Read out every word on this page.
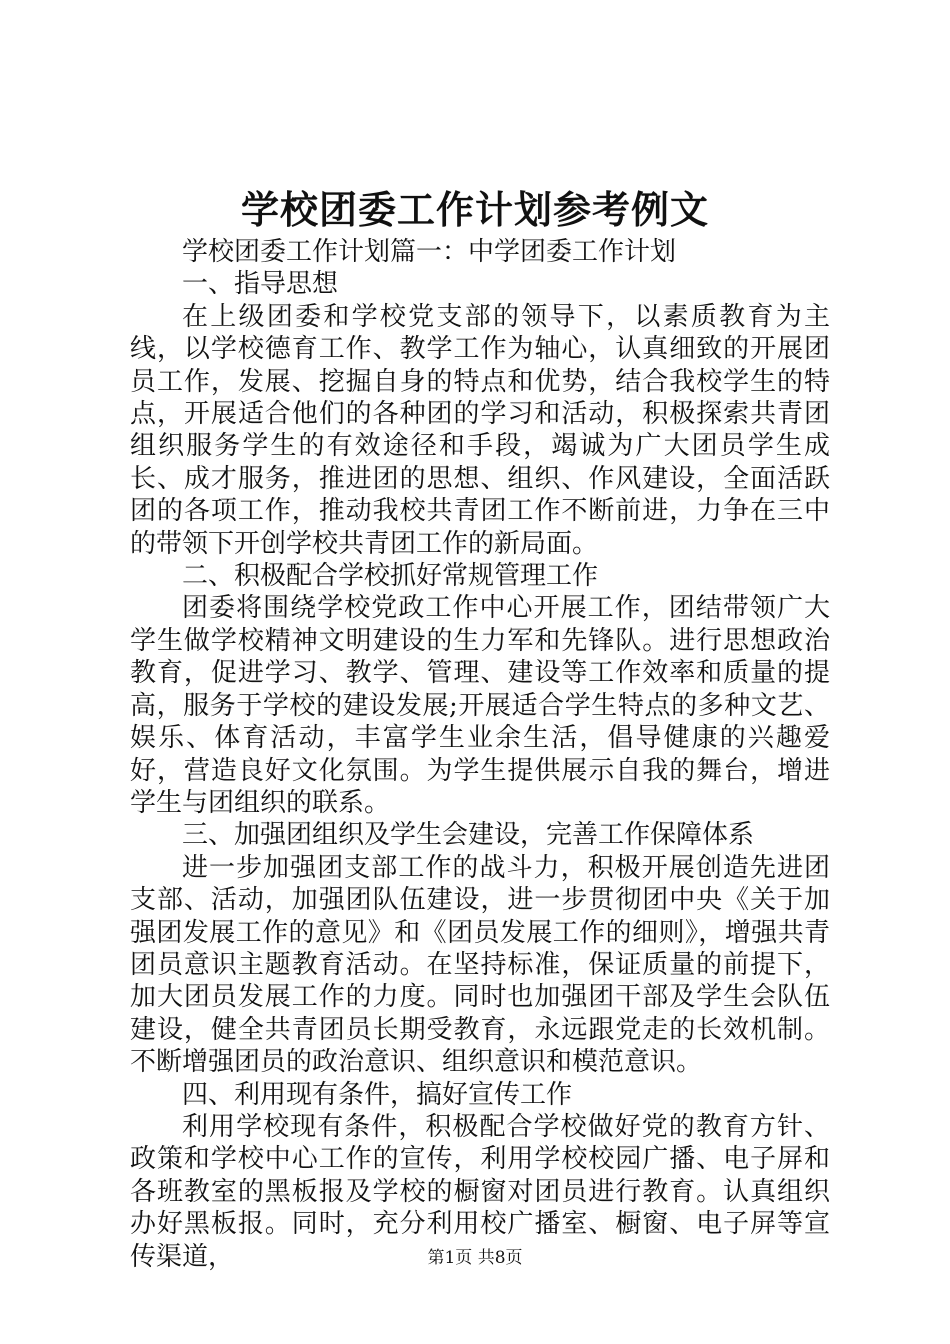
学校团委工作计划参考例文

学校团委工作计划篇一：中学团委工作计划

一、指导思想

在上级团委和学校党支部的领导下，以素质教育为主线，以学校德育工作、教学工作为轴心，认真细致的开展团员工作，发展、挖掘自身的特点和优势，结合我校学生的特点，开展适合他们的各种团的学习和活动，积极探索共青团组织服务学生的有效途径和手段，竭诚为广大团员学生成长、成才服务，推进团的思想、组织、作风建设，全面活跃团的各项工作，推动我校共青团工作不断前进，力争在三中的带领下开创学校共青团工作的新局面。

二、积极配合学校抓好常规管理工作

团委将围绕学校党政工作中心开展工作，团结带领广大学生做学校精神文明建设的生力军和先锋队。进行思想政治教育，促进学习、教学、管理、建设等工作效率和质量的提高，服务于学校的建设发展;开展适合学生特点的多种文艺、娱乐、体育活动，丰富学生业余生活，倡导健康的兴趣爱好，营造良好文化氛围。为学生提供展示自我的舞台，增进学生与团组织的联系。

三、加强团组织及学生会建设，完善工作保障体系

进一步加强团支部工作的战斗力，积极开展创造先进团支部、活动，加强团队伍建设，进一步贯彻团中央《关于加强团发展工作的意见》和《团员发展工作的细则》，增强共青团员意识主题教育活动。在坚持标准，保证质量的前提下，加大团员发展工作的力度。同时也加强团干部及学生会队伍建设，健全共青团员长期受教育，永远跟党走的长效机制。不断增强团员的政治意识、组织意识和模范意识。

四、利用现有条件，搞好宣传工作

利用学校现有条件，积极配合学校做好党的教育方针、政策和学校中心工作的宣传，利用学校校园广播、电子屏和各班教室的黑板报及学校的橱窗对团员进行教育。认真组织办好黑板报。同时，充分利用校广播室、橱窗、电子屏等宣传渠道，	第1页 共8页
